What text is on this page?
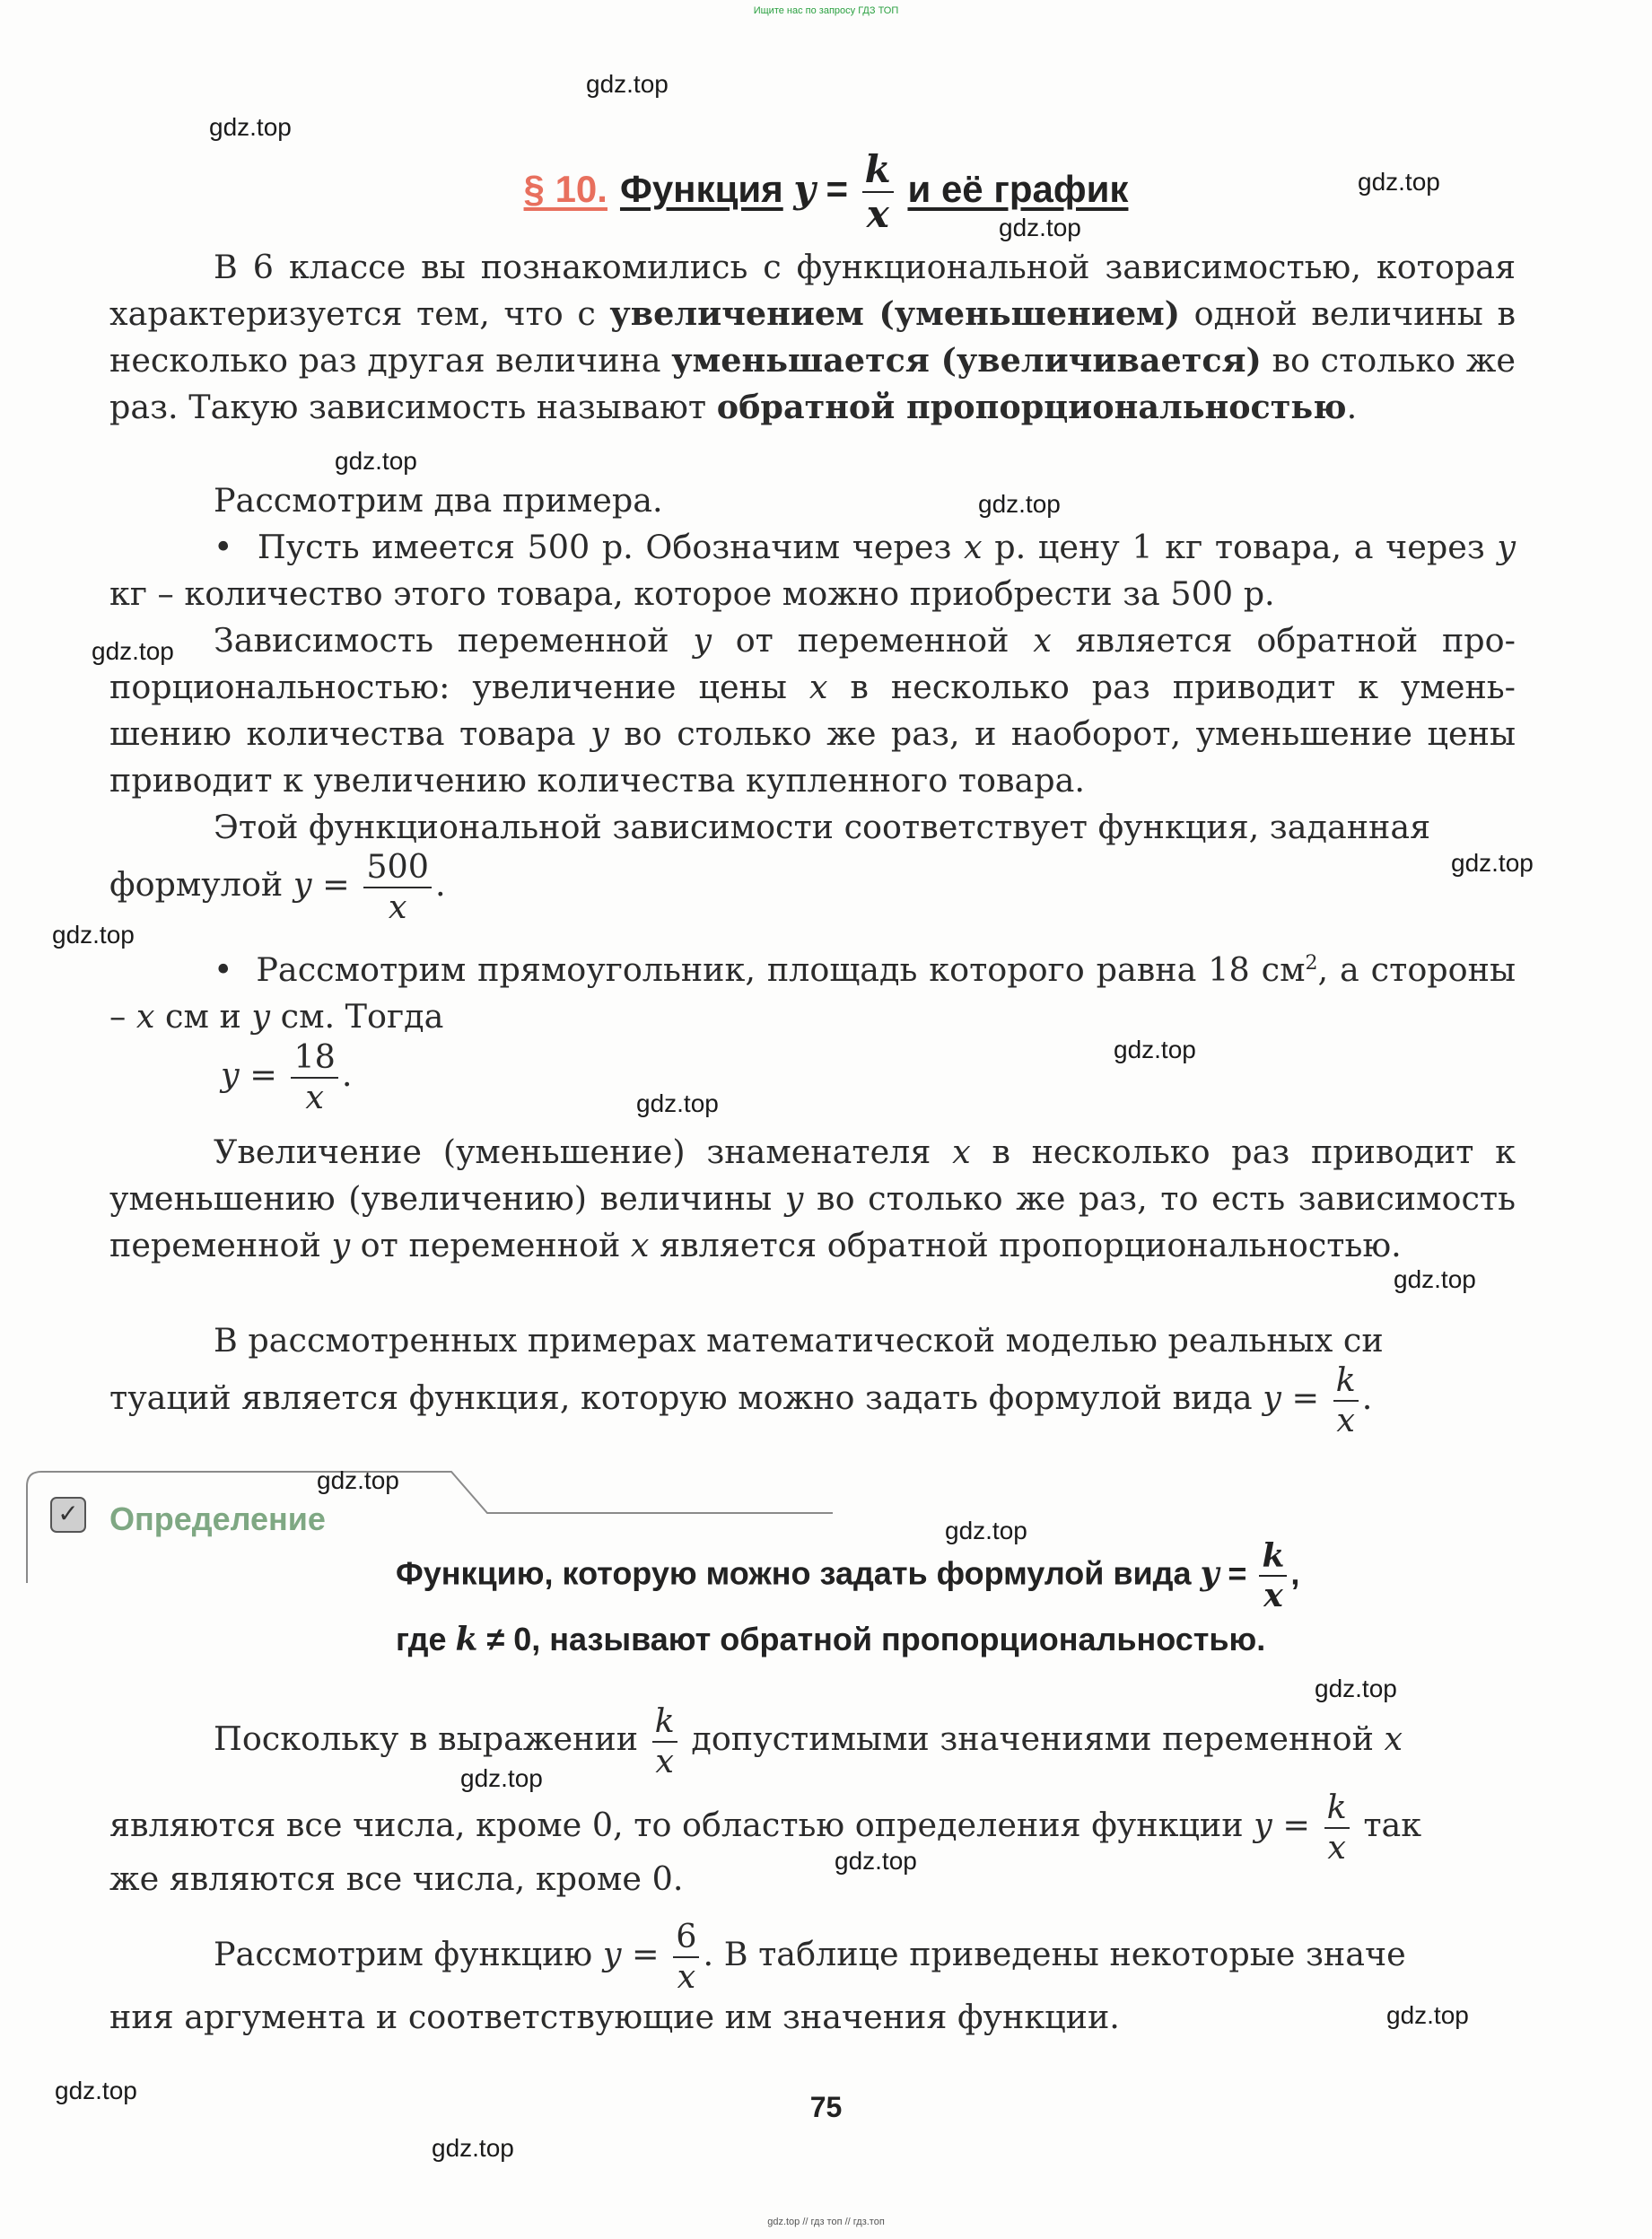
Ищите нас по запросу ГДЗ ТОП
§ 10. Функция $y = \frac{k}{x}$ и её график
В 6 классе вы познакомились с функциональной зависимостью, которая характеризуется тем, что с увеличением (уменьшением) одной величины в несколько раз другая величина уменьшается (увеличивается) во столько же раз. Такую зависимость называют обратной пропорциональностью.
Рассмотрим два примера.
•  Пусть имеется 500 р. Обозначим через x р. цену 1 кг товара, а через y кг – количество этого товара, которое можно приобрести за 500 р.
Зависимость переменной y от переменной x является обратной пропорциональностью: увеличение цены x в несколько раз приводит к уменьшению количества товара y во столько же раз, и наоборот, уменьшение цены приводит к увеличению количества купленного товара.
Этой функциональной зависимости соответствует функция, заданная
формулой $y = \frac{500}{x}$ .
•  Рассмотрим прямоугольник, площадь которого равна 18 $см^2$, а стороны – x см и y см. Тогда
$y = \frac{18}{x}$ .
Увеличение (уменьшение) знаменателя x в несколько раз приводит к уменьшению (увеличению) величины y во столько же раз, то есть зависимость переменной y от переменной x является обратной пропорциональностью.
В рассмотренных примерах математической моделью реальных си
туаций является функция, которую можно задать формулой вида $y = \frac{k}{x}$ .
✓ Определение
Функцию, которую можно задать формулой вида $y = \frac{k}{x}$ ,
где k ≠ 0, называют обратной пропорциональностью.
Поскольку в выражении $\frac{k}{x}$ допустимыми значениями переменной x
являются все числа, кроме 0, то областью определения функции $y = \frac{k}{x}$ так
же являются все числа, кроме 0.
Рассмотрим функцию $y = \frac{6}{x}$ . В таблице приведены некоторые значе
ния аргумента и соответствующие им значения функции.
75
gdz.top
gdz.top
gdz.top
gdz.top
gdz.top
gdz.top
gdz.top
gdz.top
gdz.top
gdz.top
gdz.top
gdz.top
gdz.top
gdz.top
gdz.top
gdz.top
gdz.top
gdz.top
gdz.top
gdz.top
gdz.top // гдз топ // гдз.топ
